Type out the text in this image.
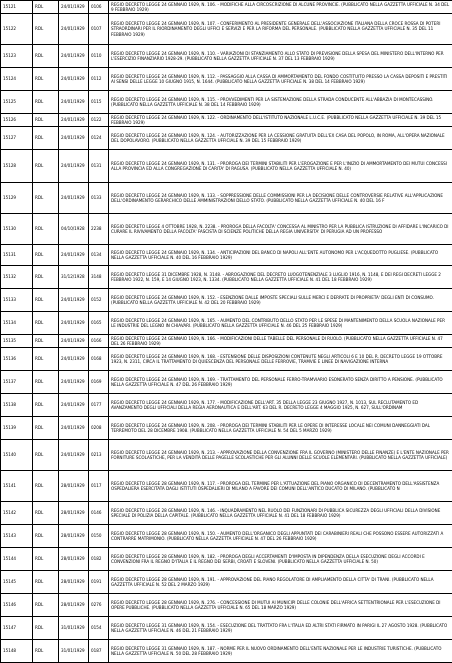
15121	RDL	24/01/1929	0106	REGIO DECRETO LEGGE 24 GENNAIO 1929, N. 106. - MODIFICHE ALLA CIRCOSCRIZIONE DI ALCUNE PROVINCIE. (PUBBLICATO NELLA GAZZETTA UFFICIALE N. 34 DEL 9 FEBBRAIO 1929)
15122	RDL	24/01/1929	0107	REGIO DECRETO LEGGE 24 GENNAIO 1929, N. 107. - CONFERIMENTO AL PRESIDENTE GENERALE DELL'ASSOCIAZIONE ITALIANA DELLA CROCE ROSSA DI POTERI STRAORDINARI PER IL RIORDINAMENTO DEGLI UFFICI E SERVIZI E PER LA RIFORMA DEL PERSONALE. (PUBBLICATO NELLA GAZZETTA UFFICIALE N. 35 DEL 11 FEBBRAIO 1929)
15123	RDL	24/01/1929	0110	REGIO DECRETO LEGGE 24 GENNAIO 1929, N. 110. - VARIAZIONI DI STANZIAMENTO ALLO STATO DI PREVISIONE DELLA SPESA DEL MINISTERO DELL'INTERNO PER L'ESERCIZIO FINANZIARIO 1928-29. (PUBBLICATO NELLA GAZZETTA UFFICIALE N. 37 DEL 13 FEBBRAIO 1929)
15124	RDL	24/01/1929	0112	REGIO DECRETO LEGGE 24 GENNAIO 1929, N. 112. - PASSAGGIO ALLA CASSA DI AMMORTAMENTO DEL FONDO COSTITUITO PRESSO LA CASSA DEPOSITI E PRESTITI AI SENSI DELLE LEGGE 10 GIUGNO 1915, N. 1644. (PUBBLICATO NELLA GAZZETTA UFFICIALE N. 38 DEL 14 FEBBRAIO 1929)
15125	RDL	24/01/1929	0115	REGIO DECRETO LEGGE 24 GENNAIO 1929, N. 115. - PROVVEDIMENTI PER LA SISTEMAZIONE DELLA STRADA CONDUCENTE ALL'ABBAZIA DI MONTECASSINO. (PUBBLICATO NELLA GAZZETTA UFFICIALE N. 38 DEL 14 FEBBRAIO 1929)
15126	RDL	24/01/1929	0122	REGIO DECRETO LEGGE 24 GENNAIO 1929, N. 122. - ORDINAMENTO DELL'ISTITUTO NAZIONALE L.U.C.E. (PUBBLICATO NELLA GAZZETTA UFFICIALE N. 39 DEL 15 FEBBRAIO 1929)
15127	RDL	24/01/1929	0124	REGIO DECRETO LEGGE 24 GENNAIO 1929, N. 124. - AUTORIZZAZIONE PER LA CESSIONE GRATUITA DELL'EX CASA DEL POPOLO, IN ROMA, ALL'OPERA NAZIONALE DEL DOPOLAVORO. (PUBBLICATO NELLA GAZZETTA UFFICIALE N. 39 DEL 15 FEBBRAIO 1929)
15128	RDL	24/01/1929	0131	REGIO DECRETO LEGGE 24 GENNAIO 1929, N. 131. - PROROGA DEI TERMINI STABILITI PER L'EROGAZIONE E PER L'INIZIO DI AMMORTAMENTO DEI MUTUI CONCESSI ALLA PROVINCIA ED ALLA CONGREGAZIONE DI CARITA' DI RAGUSA. (PUBBLICATO NELLA GAZZETTA UFFICIALE N. 40)
15129	RDL	24/01/1929	0133	REGIO DECRETO LEGGE 24 GENNAIO 1929, N. 133. - SOPPRESSIONE DELLE COMMISSIONI PER LA DECISIONE DELLE CONTROVERSIE RELATIVE ALL'APPLICAZIONE DELL'ORDINAMENTO GERARCHICO DELLE AMMINISTRAZIONI DELLO STATO. (PUBBLICATO NELLA GAZZETTA UFFICIALE N. 40 DEL 16 F
15130	RDL	04/10/1928	2238	REGIO DECRETO LEGGE 4 OTTOBRE 1928, N. 2238. - PROROGA DELLA FACOLTA' CONCESSA AL MINISTRO PER LA PUBBLICA ISTRUZIONE DI AFFIDARE L'INCARICO DI CURARE IL RIVIVAMENTO DELLA FACOLTA' FASCISTA DI SCIENZE POLITICHE DELLA REGIA UNIVERSITA' DI PERUGIA AD UN PROFESSO
15131	RDL	24/01/1929	0134	REGIO DECRETO LEGGE 24 GENNAIO 1929, N. 134. - ANTICIPAZIONI DEL BANCO DI NAPOLI ALL'ENTE AUTONOMO PER L'ACQUEDOTTO PUGLIESE. (PUBBLICATO NELLA GAZZETTA UFFICIALE N. 40 DEL 16 FEBBRAIO 1929)
15132	RDL	31/12/1928	3148	REGIO DECRETO LEGGE 31 DICEMBRE 1928, N. 3148. - ABROGAZIONE DEL DECRETO LUOGOTENENZIALE 3 LUGLIO 1916, N. 1148, E DEI REGI DECRETI LEGGE 2 FEBBRAIO 1922, N. 159, E 14 GIUGNO 1923, N. 1334. (PUBBLICATO NELLA GAZZETTA UFFICIALE N. 41 DEL 18 FEBBRAIO 1929)
15133	RDL	24/01/1929	0152	REGIO DECRETO LEGGE 24 GENNAIO 1929, N. 152. - ESENZIONE DALLE IMPOSTE SPECIALI SULLE MERCI E DERRATE DI PROPRIETA' DEGLI ENTI DI CONSUMO. (PUBBLICATO NELLA GAZZETTA UFFICIALE N. 42 DEL 20 FEBBRAIO 1929)
15134	RDL	24/01/1929	0165	REGIO DECRETO LEGGE 24 GENNAIO 1929, N. 165. - AUMENTO DEL CONTRIBUTO DELLO STATO PER LE SPESE DI MANTENIMENTO DELLA SCUOLA NAZIONALE PER LE INDUSTRIE DEL LEGNO IN CHIAVARI. (PUBBLICATO NELLA GAZZETTA UFFICIALE N. 46 DEL 25 FEBBRAIO 1929)
15135	RDL	24/01/1929	0166	REGIO DECRETO LEGGE 24 GENNAIO 1929, N. 166. - MODIFICAZIONI DELLE TABELLE DEL PERSONALE DI RUOLO. (PUBBLICATO NELLA GAZZETTA UFFICIALE N. 47 DEL 26 FEBBRAIO 1929)
15136	RDL	24/01/1929	0168	REGIO DECRETO LEGGE 24 GENNAIO 1929, N. 168. - ESTENSIONE DELLE DISPOSIZIONI CONTENUTE NEGLI ARTICOLI 6 E 10 DEL R. DECRETO LEGGE 19 OTTOBRE 1923, N. 2311, CIRCA IL TRATTAMENTO DI QUIESCENZA DEL PERSONALE DELLE FERROVIE, TRAMVIE E LINEE DI NAVIGAZIONE INTERNA
15137	RDL	24/01/1929	0169	REGIO DECRETO LEGGE 24 GENNAIO 1929, N. 169. - TRATTAMENTO DEL PERSONALE FERRO-TRAMVIARIO ESONERATO SENZA DIRITTO A PENSIONE. (PUBBLICATO NELLA GAZZETTA UFFICIALE N. 47 DEL 26 FEBBRAIO 1929)
15138	RDL	24/01/1929	0177	REGIO DECRETO LEGGE 24 GENNAIO 1929, N. 177. - MODIFICAZIONE DELL'ART. 35 DELLA LEGGE 23 GIUGNO 1927, N. 1013, SUL RECLUTAMENTO ED AVANZAMENTO DEGLI UFFICIALI DELLA REGIA AERONAUTICA E DELL'ART. 63 DEL R. DECRETO LEGGE 4 MAGGIO 1925, N. 627, SULL'ORDINAM
15139	RDL	24/01/1929	0208	REGIO DECRETO LEGGE 24 GENNAIO 1929, N. 208. - PROROGA DEI TERMINI STABILITI PER LE OPERE DI INTERESSE LOCALE NEI COMUNI DANNEGGIATI DAL TERREMOTO DEL 28 DICEMBRE 1908. (PUBBLICATO NELLA GAZZETTA UFFICIALE N. 54 DEL 5 MARZO 1929)
15140	RDL	24/01/1929	0213	REGIO DECRETO LEGGE 24 GENNAIO 1929, N. 213. - APPROVAZIONE DELLA CONVENZIONE FRA IL GOVERNO (MINISTERO DELLE FINANZE) E L'ENTE NAZIONALE PER FORNITURE SCOLASTICHE, PER LA VENDITA DELLE PAGELLE SCOLASTICHE PER GLI ALUNNI DELLE SCUOLE ELEMENTARI. (PUBBLICATO NELLA GAZZETTA UFFICIALE)
15141	RDL	28/01/1929	0117	REGIO DECRETO LEGGE 28 GENNAIO 1929, N. 117. - PROROGA DEL TERMINE PER L'ATTUAZIONE DEL PIANO ORGANICO DI DECENTRAMENTO DELL'ASSISTENZA OSPEDALIERA ESERCITATA DAGLI ISTITUTI OSPEDALIERI DI MILANO A FAVORE DEI COMUNI DELL'ANTICO DUCATO DI MILANO. (PUBBLICATO N
15142	RDL	28/01/1929	0146	REGIO DECRETO LEGGE 28 GENNAIO 1929, N. 146. - INQUADRAMENTO NEL RUOLO DEI FUNZIONARI DI PUBBLICA SICUREZZA DEGLI UFFICIALI DELLA DIVISIONE SPECIALE DI POLIZIA DELLA CAPITALE. (PUBBLICATO NELLA GAZZETTA UFFICIALE N. 41 DEL 18 FEBBRAIO 1929)
15143	RDL	28/01/1929	0150	REGIO DECRETO LEGGE 28 GENNAIO 1929, N. 150. - AUMENTO DELL'ORGANICO DEGLI APPUNTATI DEI CARABINIERI REALI CHE POSSONO ESSERE AUTORIZZATI A CONTRARRE MATRIMONIO. (PUBBLICATO NELLA GAZZETTA UFFICIALE N. 47 DEL 26 FEBBRAIO 1929)
15144	RDL	28/01/1929	0182	REGIO DECRETO LEGGE 28 GENNAIO 1929, N. 182. - PROROGA DEGLI ACCERTAMENTI D'IMPOSTA IN DIPENDENZA DELLA ESECUZIONE DEGLI ACCORDI E CONVENZIONI FRA IL REGNO D'ITALIA E IL REGNO DEI SERBI, CROATI E SLOVENI. (PUBBLICATO NELLA GAZZETTA UFFICIALE N. 50)
15145	RDL	28/01/1929	0191	REGIO DECRETO LEGGE 28 GENNAIO 1929, N. 191. - APPROVAZIONE DEL PIANO REGOLATORE DI AMPLIAMENTO DELLA CITTA' DI TRANI. (PUBBLICATO NELLA GAZZETTA UFFICIALE N. 52 DEL 2 MARZO 1929)
15146	RDL	28/01/1929	0276	REGIO DECRETO LEGGE 28 GENNAIO 1929, N. 276. - CONCESSIONE DI MUTUI AI MUNICIPI DELLE COLONIE DELL'AFRICA SETTENTRIONALE PER L'ESECUZIONE DI OPERE PUBBLICHE. (PUBBLICATO NELLA GAZZETTA UFFICIALE N. 65 DEL 18 MARZO 1929)
15147	RDL	31/01/1929	0154	REGIO DECRETO LEGGE 31 GENNAIO 1929, N. 154. - ESECUZIONE DEL TRATTATO FRA L'ITALIA ED ALTRI STATI FIRMATO IN PARIGI IL 27 AGOSTO 1928. (PUBBLICATO NELLA GAZZETTA UFFICIALE N. 46 DEL 21 FEBBRAIO 1929)
15148	RDL	31/01/1929	0187	REGIO DECRETO LEGGE 31 GENNAIO 1929, N. 187. - NORME PER IL NUOVO ORDINAMENTO DELL'ENTE NAZIONALE PER LE INDUSTRIE TURISTICHE. (PUBBLICATO NELLA GAZZETTA UFFICIALE N. 50 DEL 28 FEBBRAIO 1929)
